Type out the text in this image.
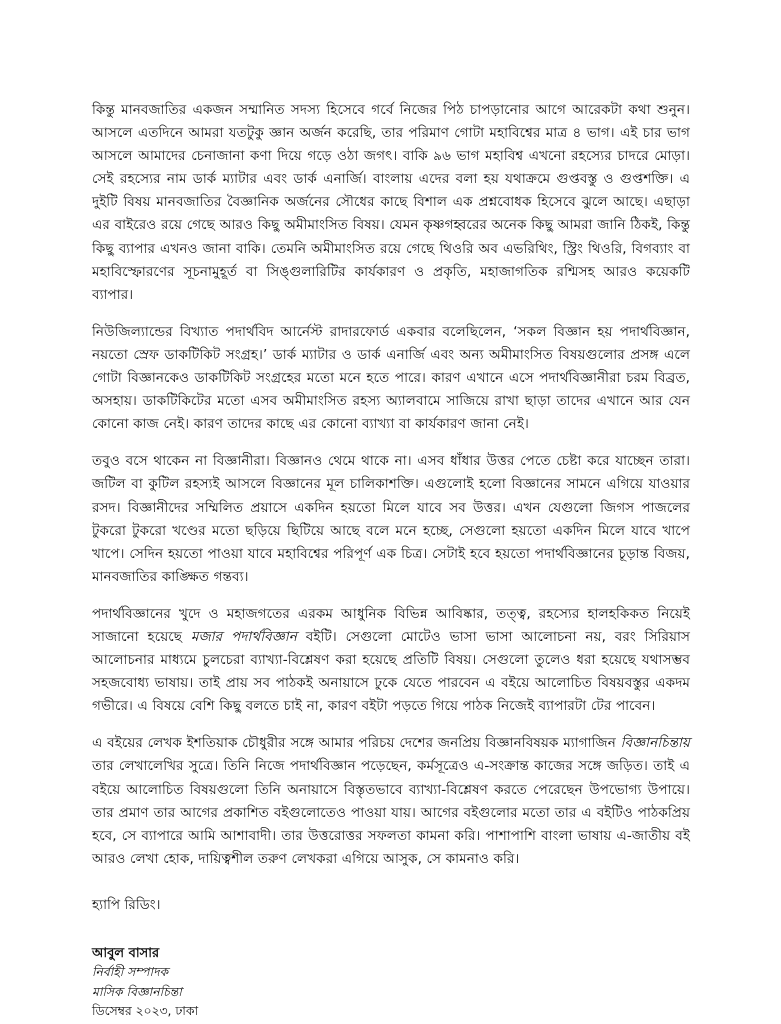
কিন্তু মানবজাতির একজন সম্মানিত সদস্য হিসেবে গর্বে নিজের পিঠ চাপড়ানোর আগে আরেকটা কথা শুনুন। আসলে এতদিনে আমরা যতটুকু জ্ঞান অর্জন করেছি, তার পরিমাণ গোটা মহাবিশ্বের মাত্র ৪ ভাগ। এই চার ভাগ আসলে আমাদের চেনাজানা কণা দিয়ে গড়ে ওঠা জগৎ। বাকি ৯৬ ভাগ মহাবিশ্ব এখনো রহস্যের চাদরে মোড়া। সেই রহস্যের নাম ডার্ক ম্যাটার এবং ডার্ক এনার্জি। বাংলায় এদের বলা হয় যথাক্রমে গুপ্তবস্তু ও গুপ্তশক্তি। এ দুইটি বিষয় মানবজাতির বৈজ্ঞানিক অর্জনের সৌধের কাছে বিশাল এক প্রশ্নবোধক হিসেবে ঝুলে আছে। এছাড়া এর বাইরেও রয়ে গেছে আরও কিছু অমীমাংসিত বিষয়। যেমন কৃষ্ণগহ্বরের অনেক কিছু আমরা জানি ঠিকই, কিন্তু কিছু ব্যাপার এখনও জানা বাকি। তেমনি অমীমাংসিত রয়ে গেছে থিওরি অব এভরিথিং, স্ট্রিং থিওরি, বিগব্যাং বা মহাবিস্ফোরণের সূচনামুহূর্ত বা সিঙ্গুলারিটির কার্যকারণ ও প্রকৃতি, মহাজাগতিক রশ্মিসহ আরও কয়েকটি ব্যাপার।

নিউজিল্যান্ডের বিখ্যাত পদার্থবিদ আর্নেস্ট রাদারফোর্ড একবার বলেছিলেন, ‘সকল বিজ্ঞান হয় পদার্থবিজ্ঞান, নয়তো স্রেফ ডাকটিকিট সংগ্রহ।’ ডার্ক ম্যাটার ও ডার্ক এনার্জি এবং অন্য অমীমাংসিত বিষয়গুলোর প্রসঙ্গ এলে গোটা বিজ্ঞানকেও ডাকটিকিট সংগ্রহের মতো মনে হতে পারে। কারণ এখানে এসে পদার্থবিজ্ঞানীরা চরম বিব্রত, অসহায়। ডাকটিকিটের মতো এসব অমীমাংসিত রহস্য অ্যালবামে সাজিয়ে রাখা ছাড়া তাদের এখানে আর যেন কোনো কাজ নেই। কারণ তাদের কাছে এর কোনো ব্যাখ্যা বা কার্যকারণ জানা নেই।

তবুও বসে থাকেন না বিজ্ঞানীরা। বিজ্ঞানও থেমে থাকে না। এসব ধাঁধার উত্তর পেতে চেষ্টা করে যাচ্ছেন তারা। জটিল বা কুটিল রহস্যই আসলে বিজ্ঞানের মূল চালিকাশক্তি। এগুলোই হলো বিজ্ঞানের সামনে এগিয়ে যাওয়ার রসদ। বিজ্ঞানীদের সম্মিলিত প্রয়াসে একদিন হয়তো মিলে যাবে সব উত্তর। এখন যেগুলো জিগস পাজলের টুকরো টুকরো খণ্ডের মতো ছড়িয়ে ছিটিয়ে আছে বলে মনে হচ্ছে, সেগুলো হয়তো একদিন মিলে যাবে খাপে খাপে। সেদিন হয়তো পাওয়া যাবে মহাবিশ্বের পরিপূর্ণ এক চিত্র। সেটাই হবে হয়তো পদার্থবিজ্ঞানের চূড়ান্ত বিজয়, মানবজাতির কাঙ্ক্ষিত গন্তব্য।

পদার্থবিজ্ঞানের খুদে ও মহাজগতের এরকম আধুনিক বিভিন্ন আবিষ্কার, তত্ত্ব, রহস্যের হালহকিকত নিয়েই সাজানো হয়েছে মজার পদার্থবিজ্ঞান বইটি। সেগুলো মোটেও ভাসা ভাসা আলোচনা নয়, বরং সিরিয়াস আলোচনার মাধ্যমে চুলচেরা ব্যাখ্যা-বিশ্লেষণ করা হয়েছে প্রতিটি বিষয়। সেগুলো তুলেও ধরা হয়েছে যথাসম্ভব সহজবোধ্য ভাষায়। তাই প্রায় সব পাঠকই অনায়াসে ঢুকে যেতে পারবেন এ বইয়ে আলোচিত বিষয়বস্তুর একদম গভীরে। এ বিষয়ে বেশি কিছু বলতে চাই না, কারণ বইটা পড়তে গিয়ে পাঠক নিজেই ব্যাপারটা টের পাবেন।

এ বইয়ের লেখক ইশতিয়াক চৌধুরীর সঙ্গে আমার পরিচয় দেশের জনপ্রিয় বিজ্ঞানবিষয়ক ম্যাগাজিন বিজ্ঞানচিন্তায় তার লেখালেখির সুত্রে। তিনি নিজে পদার্থবিজ্ঞান পড়েছেন, কর্মসূত্রেও এ-সংক্রান্ত কাজের সঙ্গে জড়িত। তাই এ বইয়ে আলোচিত বিষয়গুলো তিনি অনায়াসে বিস্তৃতভাবে ব্যাখ্যা-বিশ্লেষণ করতে পেরেছেন উপভোগ্য উপায়ে। তার প্রমাণ তার আগের প্রকাশিত বইগুলোতেও পাওয়া যায়। আগের বইগুলোর মতো তার এ বইটিও পাঠকপ্রিয় হবে, সে ব্যাপারে আমি আশাবাদী। তার উত্তরোত্তর সফলতা কামনা করি। পাশাপাশি বাংলা ভাষায় এ-জাতীয় বই আরও লেখা হোক, দায়িত্বশীল তরুণ লেখকরা এগিয়ে আসুক, সে কামনাও করি।

হ্যাপি রিডিং।

আবুল বাসার

নির্বাহী সম্পাদক

মাসিক বিজ্ঞানচিন্তা

ডিসেম্বর ২০২৩, ঢাকা
